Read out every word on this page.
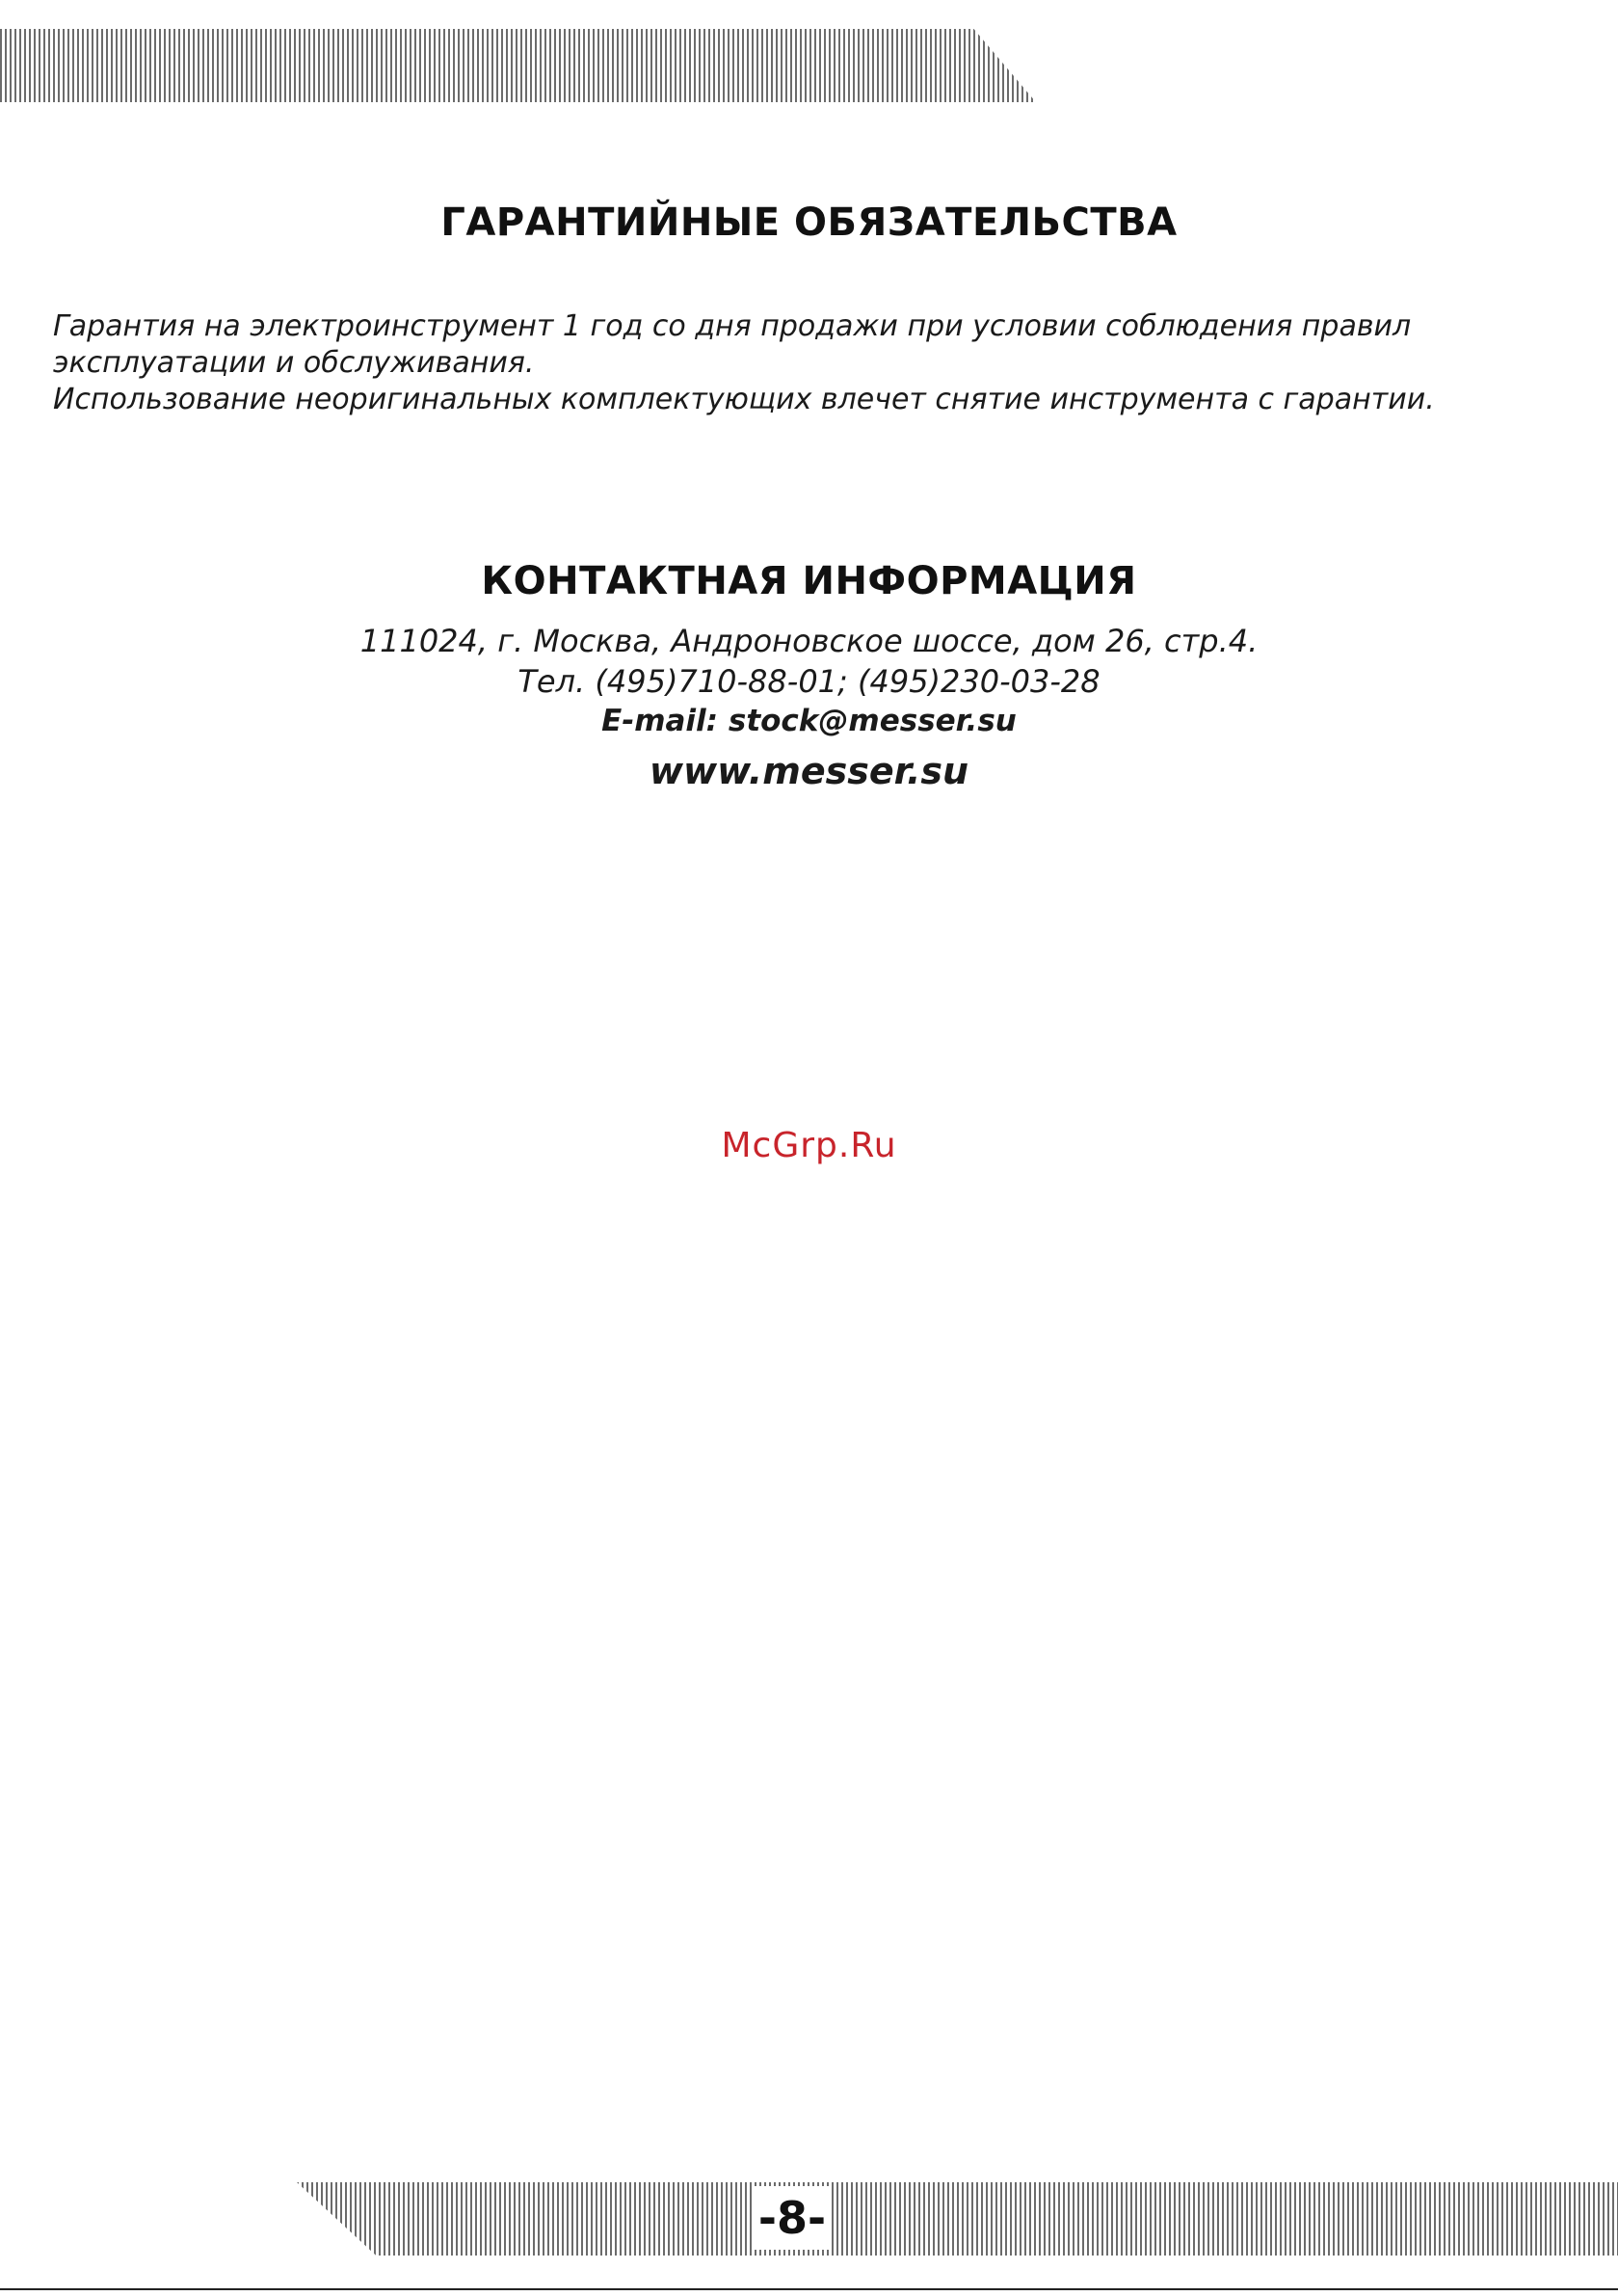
ГАРАНТИЙНЫЕ ОБЯЗАТЕЛЬСТВА

Гарантия на электроинструмент 1 год со дня продажи при условии соблюдения правил эксплуатации и обслуживания.

Использование неоригинальных комплектующих влечет снятие инструмента с гарантии.

КОНТАКТНАЯ ИНФОРМАЦИЯ
111024, г. Москва, Андроновское шоссе, дом 26, стр.4.
Тел. (495)710-88-01; (495)230-03-28
E-mail: stock@messer.su
www.messer.su
McGrp.Ru
-8-
